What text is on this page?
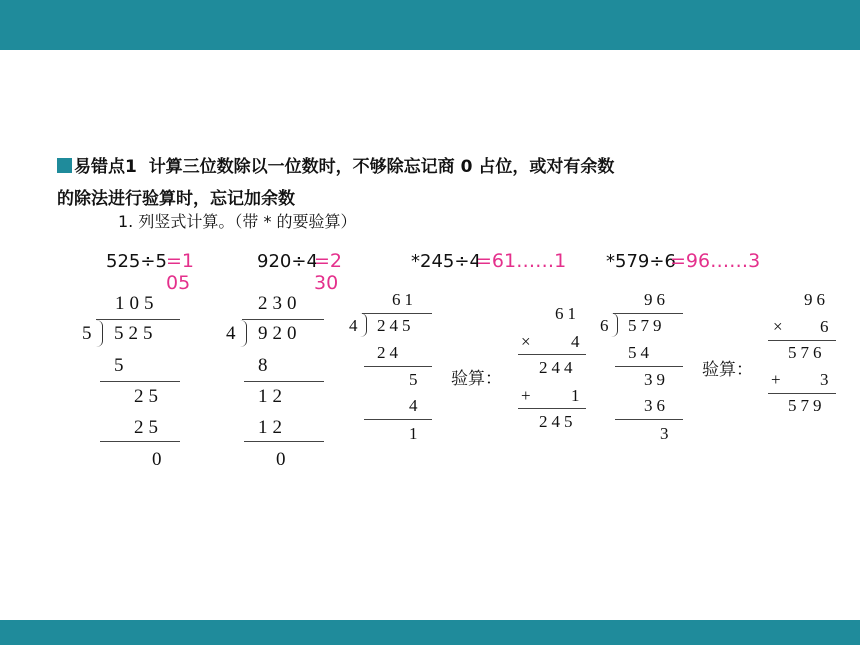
易错点1 计算三位数除以一位数时，不够除忘记商 0 占位，或对有余数
的除法进行验算时，忘记加余数
1. 列竖式计算。（带 * 的要验算）
525÷5 =105
920÷4
=230
*245÷4
=61……1 *579÷6
=96……3
105
5 525
5
25
25
0
230
4 920
8
12
12
0
61
4 245
24
5
4
1
验算：
61
× 4
244
+ 1
245
96
6 579
54
39
36
3
验算：
96
× 6
576
+ 3
579
